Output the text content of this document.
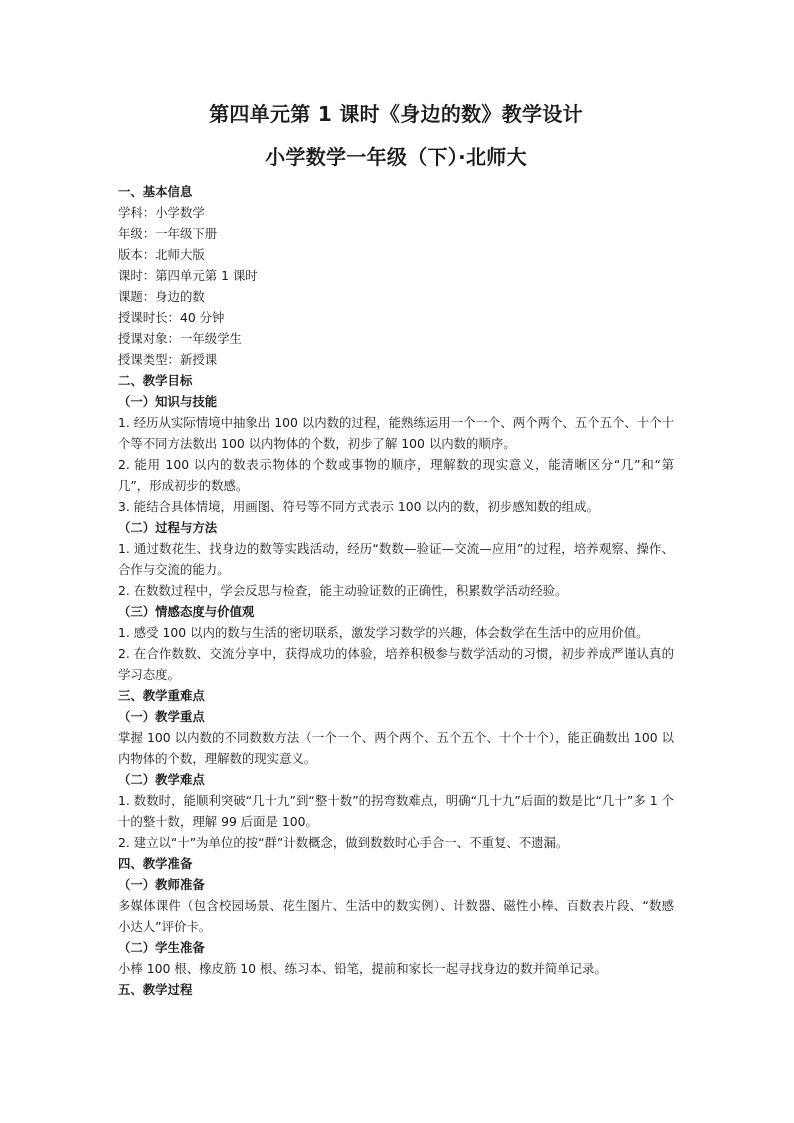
第四单元第 1 课时《身边的数》教学设计
小学数学一年级（下）·北师大
一、基本信息
学科：小学数学
年级：一年级下册
版本：北师大版
课时：第四单元第 1 课时
课题：身边的数
授课时长：40 分钟
授课对象：一年级学生
授课类型：新授课
二、教学目标
（一）知识与技能
1. 经历从实际情境中抽象出 100 以内数的过程，能熟练运用一个一个、两个两个、五个五个、十个十个等不同方法数出 100 以内物体的个数，初步了解 100 以内数的顺序。
2. 能用 100 以内的数表示物体的个数或事物的顺序，理解数的现实意义，能清晰区分“几”和“第几”，形成初步的数感。
3. 能结合具体情境，用画图、符号等不同方式表示 100 以内的数，初步感知数的组成。
（二）过程与方法
1. 通过数花生、找身边的数等实践活动，经历“数数—验证—交流—应用”的过程，培养观察、操作、合作与交流的能力。
2. 在数数过程中，学会反思与检查，能主动验证数的正确性，积累数学活动经验。
（三）情感态度与价值观
1. 感受 100 以内的数与生活的密切联系，激发学习数学的兴趣，体会数学在生活中的应用价值。
2. 在合作数数、交流分享中，获得成功的体验，培养积极参与数学活动的习惯，初步养成严谨认真的学习态度。
三、教学重难点
（一）教学重点
掌握 100 以内数的不同数数方法（一个一个、两个两个、五个五个、十个十个），能正确数出 100 以内物体的个数，理解数的现实意义。
（二）教学难点
1. 数数时，能顺利突破“几十九”到“整十数”的拐弯数难点，明确“几十九”后面的数是比“几十”多 1 个十的整十数，理解 99 后面是 100。
2. 建立以“十”为单位的按“群”计数概念，做到数数时心手合一、不重复、不遗漏。
四、教学准备
（一）教师准备
多媒体课件（包含校园场景、花生图片、生活中的数实例）、计数器、磁性小棒、百数表片段、“数感小达人”评价卡。
（二）学生准备
小棒 100 根、橡皮筋 10 根、练习本、铅笔，提前和家长一起寻找身边的数并简单记录。
五、教学过程
